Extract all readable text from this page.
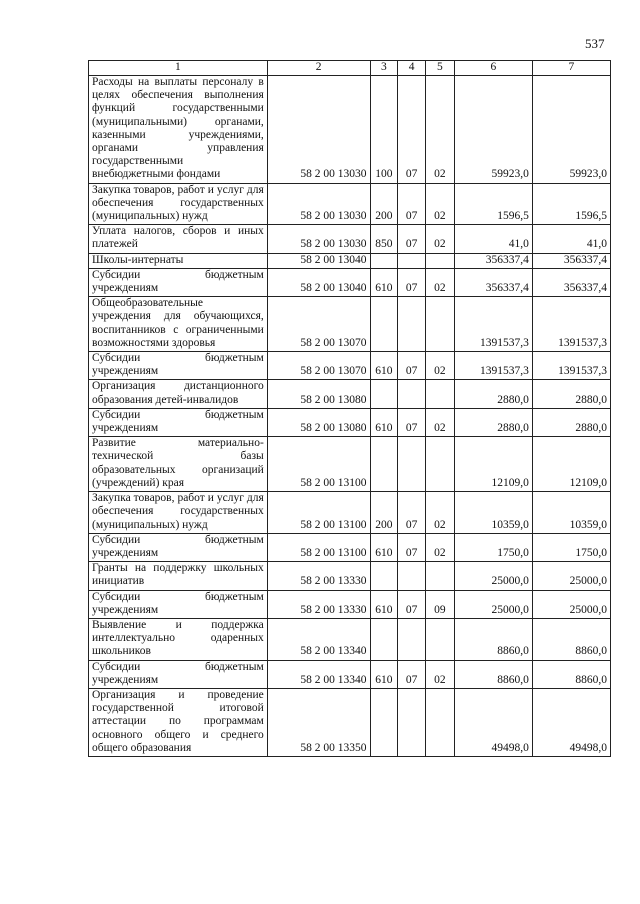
537
1	2	3	4	5	6	7
Расходы на выплаты персоналу в целях обеспечения выполнения функций государственными (муниципальными) органами, казенными учреждениями, органами управления государственными внебюджетными фондами	58 2 00 13030	100	07	02	59923,0	59923,0
Закупка товаров, работ и услуг для обеспечения государственных (муниципальных) нужд	58 2 00 13030	200	07	02	1596,5	1596,5
Уплата налогов, сборов и иных платежей	58 2 00 13030	850	07	02	41,0	41,0
Школы-интернаты	58 2 00 13040				356337,4	356337,4
Субсидии бюджетным учреждениям	58 2 00 13040	610	07	02	356337,4	356337,4
Общеобразовательные учреждения для обучающихся, воспитанников с ограниченными возможностями здоровья	58 2 00 13070				1391537,3	1391537,3
Субсидии бюджетным учреждениям	58 2 00 13070	610	07	02	1391537,3	1391537,3
Организация дистанционного образования детей-инвалидов	58 2 00 13080				2880,0	2880,0
Субсидии бюджетным учреждениям	58 2 00 13080	610	07	02	2880,0	2880,0
Развитие материально-технической базы образовательных организаций (учреждений) края	58 2 00 13100				12109,0	12109,0
Закупка товаров, работ и услуг для обеспечения государственных (муниципальных) нужд	58 2 00 13100	200	07	02	10359,0	10359,0
Субсидии бюджетным учреждениям	58 2 00 13100	610	07	02	1750,0	1750,0
Гранты на поддержку школьных инициатив	58 2 00 13330				25000,0	25000,0
Субсидии бюджетным учреждениям	58 2 00 13330	610	07	09	25000,0	25000,0
Выявление и поддержка интеллектуально одаренных школьников	58 2 00 13340				8860,0	8860,0
Субсидии бюджетным учреждениям	58 2 00 13340	610	07	02	8860,0	8860,0
Организация и проведение государственной итоговой аттестации по программам основного общего и среднего общего образования	58 2 00 13350				49498,0	49498,0
